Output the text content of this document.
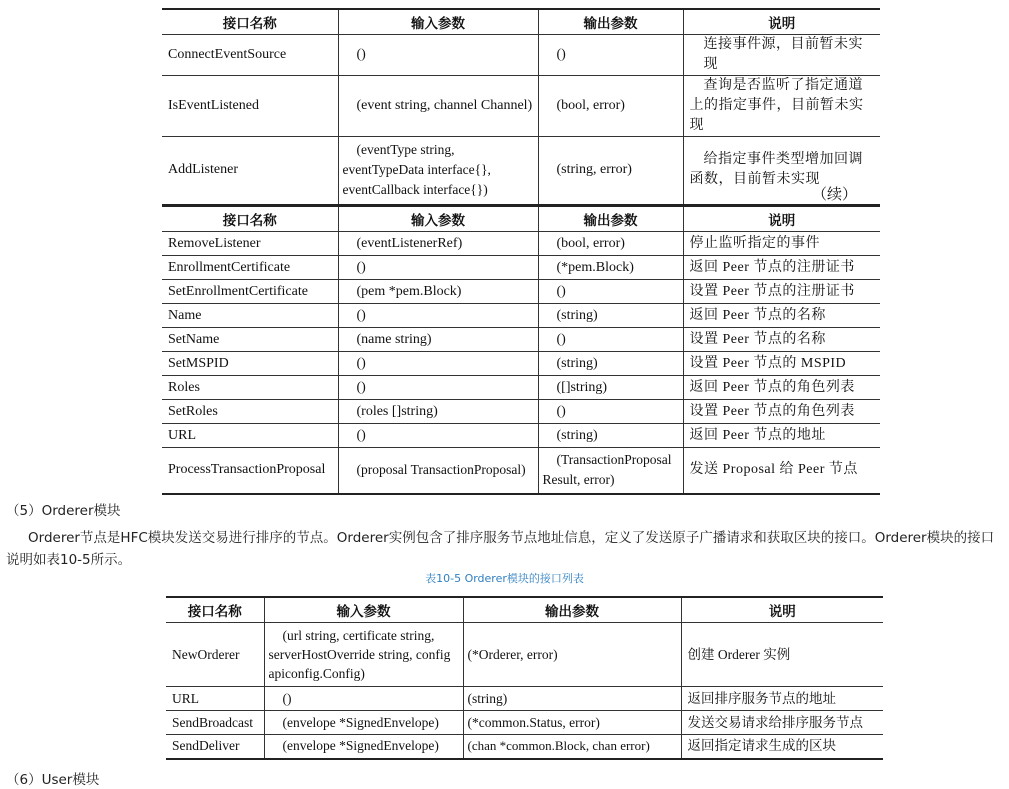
接口名称	输入参数	输出参数	说明
ConnectEventSource	()	()	连接事件源，目前暂未实现
IsEventListened	(event string, channel Channel)	(bool, error)	查询是否监听了指定通道上的指定事件，目前暂未实现
AddListener	(eventType string, eventTypeData interface{}, eventCallback interface{})	(string, error)	给指定事件类型增加回调函数，目前暂未实现
（续）
接口名称	输入参数	输出参数	说明
RemoveListener	(eventListenerRef)	(bool, error)	停止监听指定的事件
EnrollmentCertificate	()	(*pem.Block)	返回 Peer 节点的注册证书
SetEnrollmentCertificate	(pem *pem.Block)	()	设置 Peer 节点的注册证书
Name	()	(string)	返回 Peer 节点的名称
SetName	(name string)	()	设置 Peer 节点的名称
SetMSPID	()	(string)	设置 Peer 节点的 MSPID
Roles	()	([]string)	返回 Peer 节点的角色列表
SetRoles	(roles []string)	()	设置 Peer 节点的角色列表
URL	()	(string)	返回 Peer 节点的地址
ProcessTransactionProposal	(proposal TransactionProposal)	(TransactionProposal Result, error)	发送 Proposal 给 Peer 节点
（5）Orderer模块
Orderer节点是HFC模块发送交易进行排序的节点。Orderer实例包含了排序服务节点地址信息，定义了发送原子广播请求和获取区块的接口。Orderer模块的接口说明如表10-5所示。
表10-5 Orderer模块的接口列表
接口名称	输入参数	输出参数	说明
NewOrderer	(url string, certificate string, serverHostOverride string, config apiconfig.Config)	(*Orderer, error)	创建 Orderer 实例
URL	()	(string)	返回排序服务节点的地址
SendBroadcast	(envelope *SignedEnvelope)	(*common.Status, error)	发送交易请求给排序服务节点
SendDeliver	(envelope *SignedEnvelope)	(chan *common.Block, chan error)	返回指定请求生成的区块
（6）User模块
